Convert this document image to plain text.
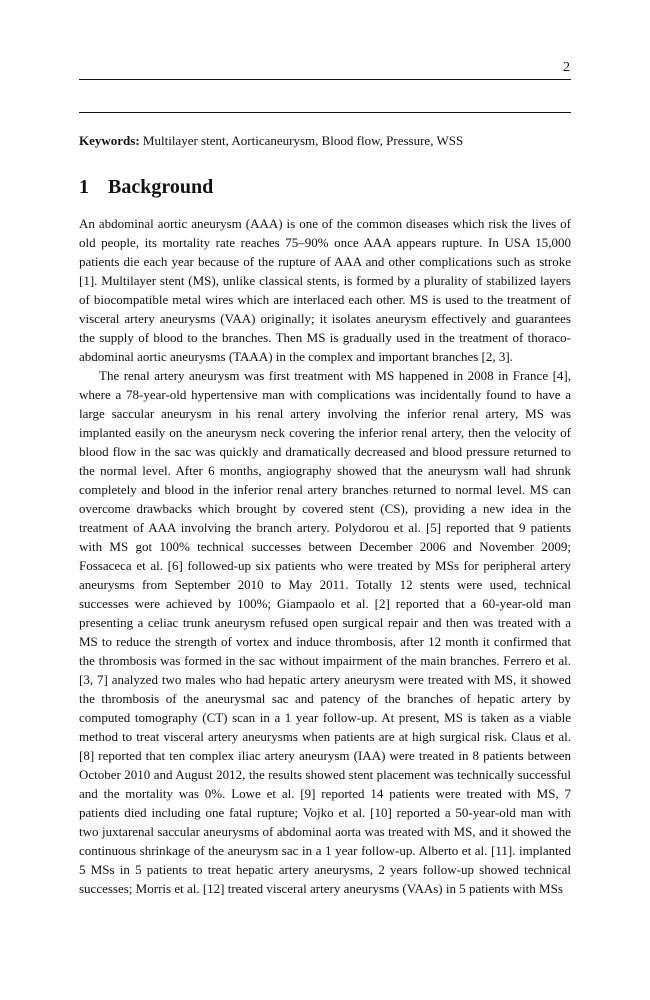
2
Keywords: Multilayer stent, Aorticaneurysm, Blood flow, Pressure, WSS
1 Background

An abdominal aortic aneurysm (AAA) is one of the common diseases which risk the lives of old people, its mortality rate reaches 75–90% once AAA appears rupture. In USA 15,000 patients die each year because of the rupture of AAA and other complications such as stroke [1]. Multilayer stent (MS), unlike classical stents, is formed by a plurality of stabilized layers of biocompatible metal wires which are interlaced each other. MS is used to the treatment of visceral artery aneurysms (VAA) originally; it isolates aneurysm effectively and guarantees the supply of blood to the branches. Then MS is gradually used in the treatment of thoraco-abdominal aortic aneurysms (TAAA) in the complex and important branches [2, 3].

The renal artery aneurysm was first treatment with MS happened in 2008 in France [4], where a 78-year-old hypertensive man with complications was incidentally found to have a large saccular aneurysm in his renal artery involving the inferior renal artery, MS was implanted easily on the aneurysm neck covering the inferior renal artery, then the velocity of blood flow in the sac was quickly and dramatically decreased and blood pressure returned to the normal level. After 6 months, angiography showed that the aneurysm wall had shrunk completely and blood in the inferior renal artery branches returned to normal level. MS can overcome drawbacks which brought by covered stent (CS), providing a new idea in the treatment of AAA involving the branch artery. Polydorou et al. [5] reported that 9 patients with MS got 100% technical successes between December 2006 and November 2009; Fossaceca et al. [6] followed-up six patients who were treated by MSs for peripheral artery aneurysms from September 2010 to May 2011. Totally 12 stents were used, technical successes were achieved by 100%; Giampaolo et al. [2] reported that a 60-year-old man presenting a celiac trunk aneurysm refused open surgical repair and then was treated with a MS to reduce the strength of vortex and induce thrombosis, after 12 month it confirmed that the thrombosis was formed in the sac without impairment of the main branches. Ferrero et al. [3, 7] analyzed two males who had hepatic artery aneurysm were treated with MS, it showed the thrombosis of the aneurysmal sac and patency of the branches of hepatic artery by computed tomography (CT) scan in a 1 year follow-up. At present, MS is taken as a viable method to treat visceral artery aneurysms when patients are at high surgical risk. Claus et al. [8] reported that ten complex iliac artery aneurysm (IAA) were treated in 8 patients between October 2010 and August 2012, the results showed stent placement was technically successful and the mortality was 0%. Lowe et al. [9] reported 14 patients were treated with MS, 7 patients died including one fatal rupture; Vojko et al. [10] reported a 50-year-old man with two juxtarenal saccular aneurysms of abdominal aorta was treated with MS, and it showed the continuous shrinkage of the aneurysm sac in a 1 year follow-up. Alberto et al. [11]. implanted 5 MSs in 5 patients to treat hepatic artery aneurysms, 2 years follow-up showed technical successes; Morris et al. [12] treated visceral artery aneurysms (VAAs) in 5 patients with MSs
